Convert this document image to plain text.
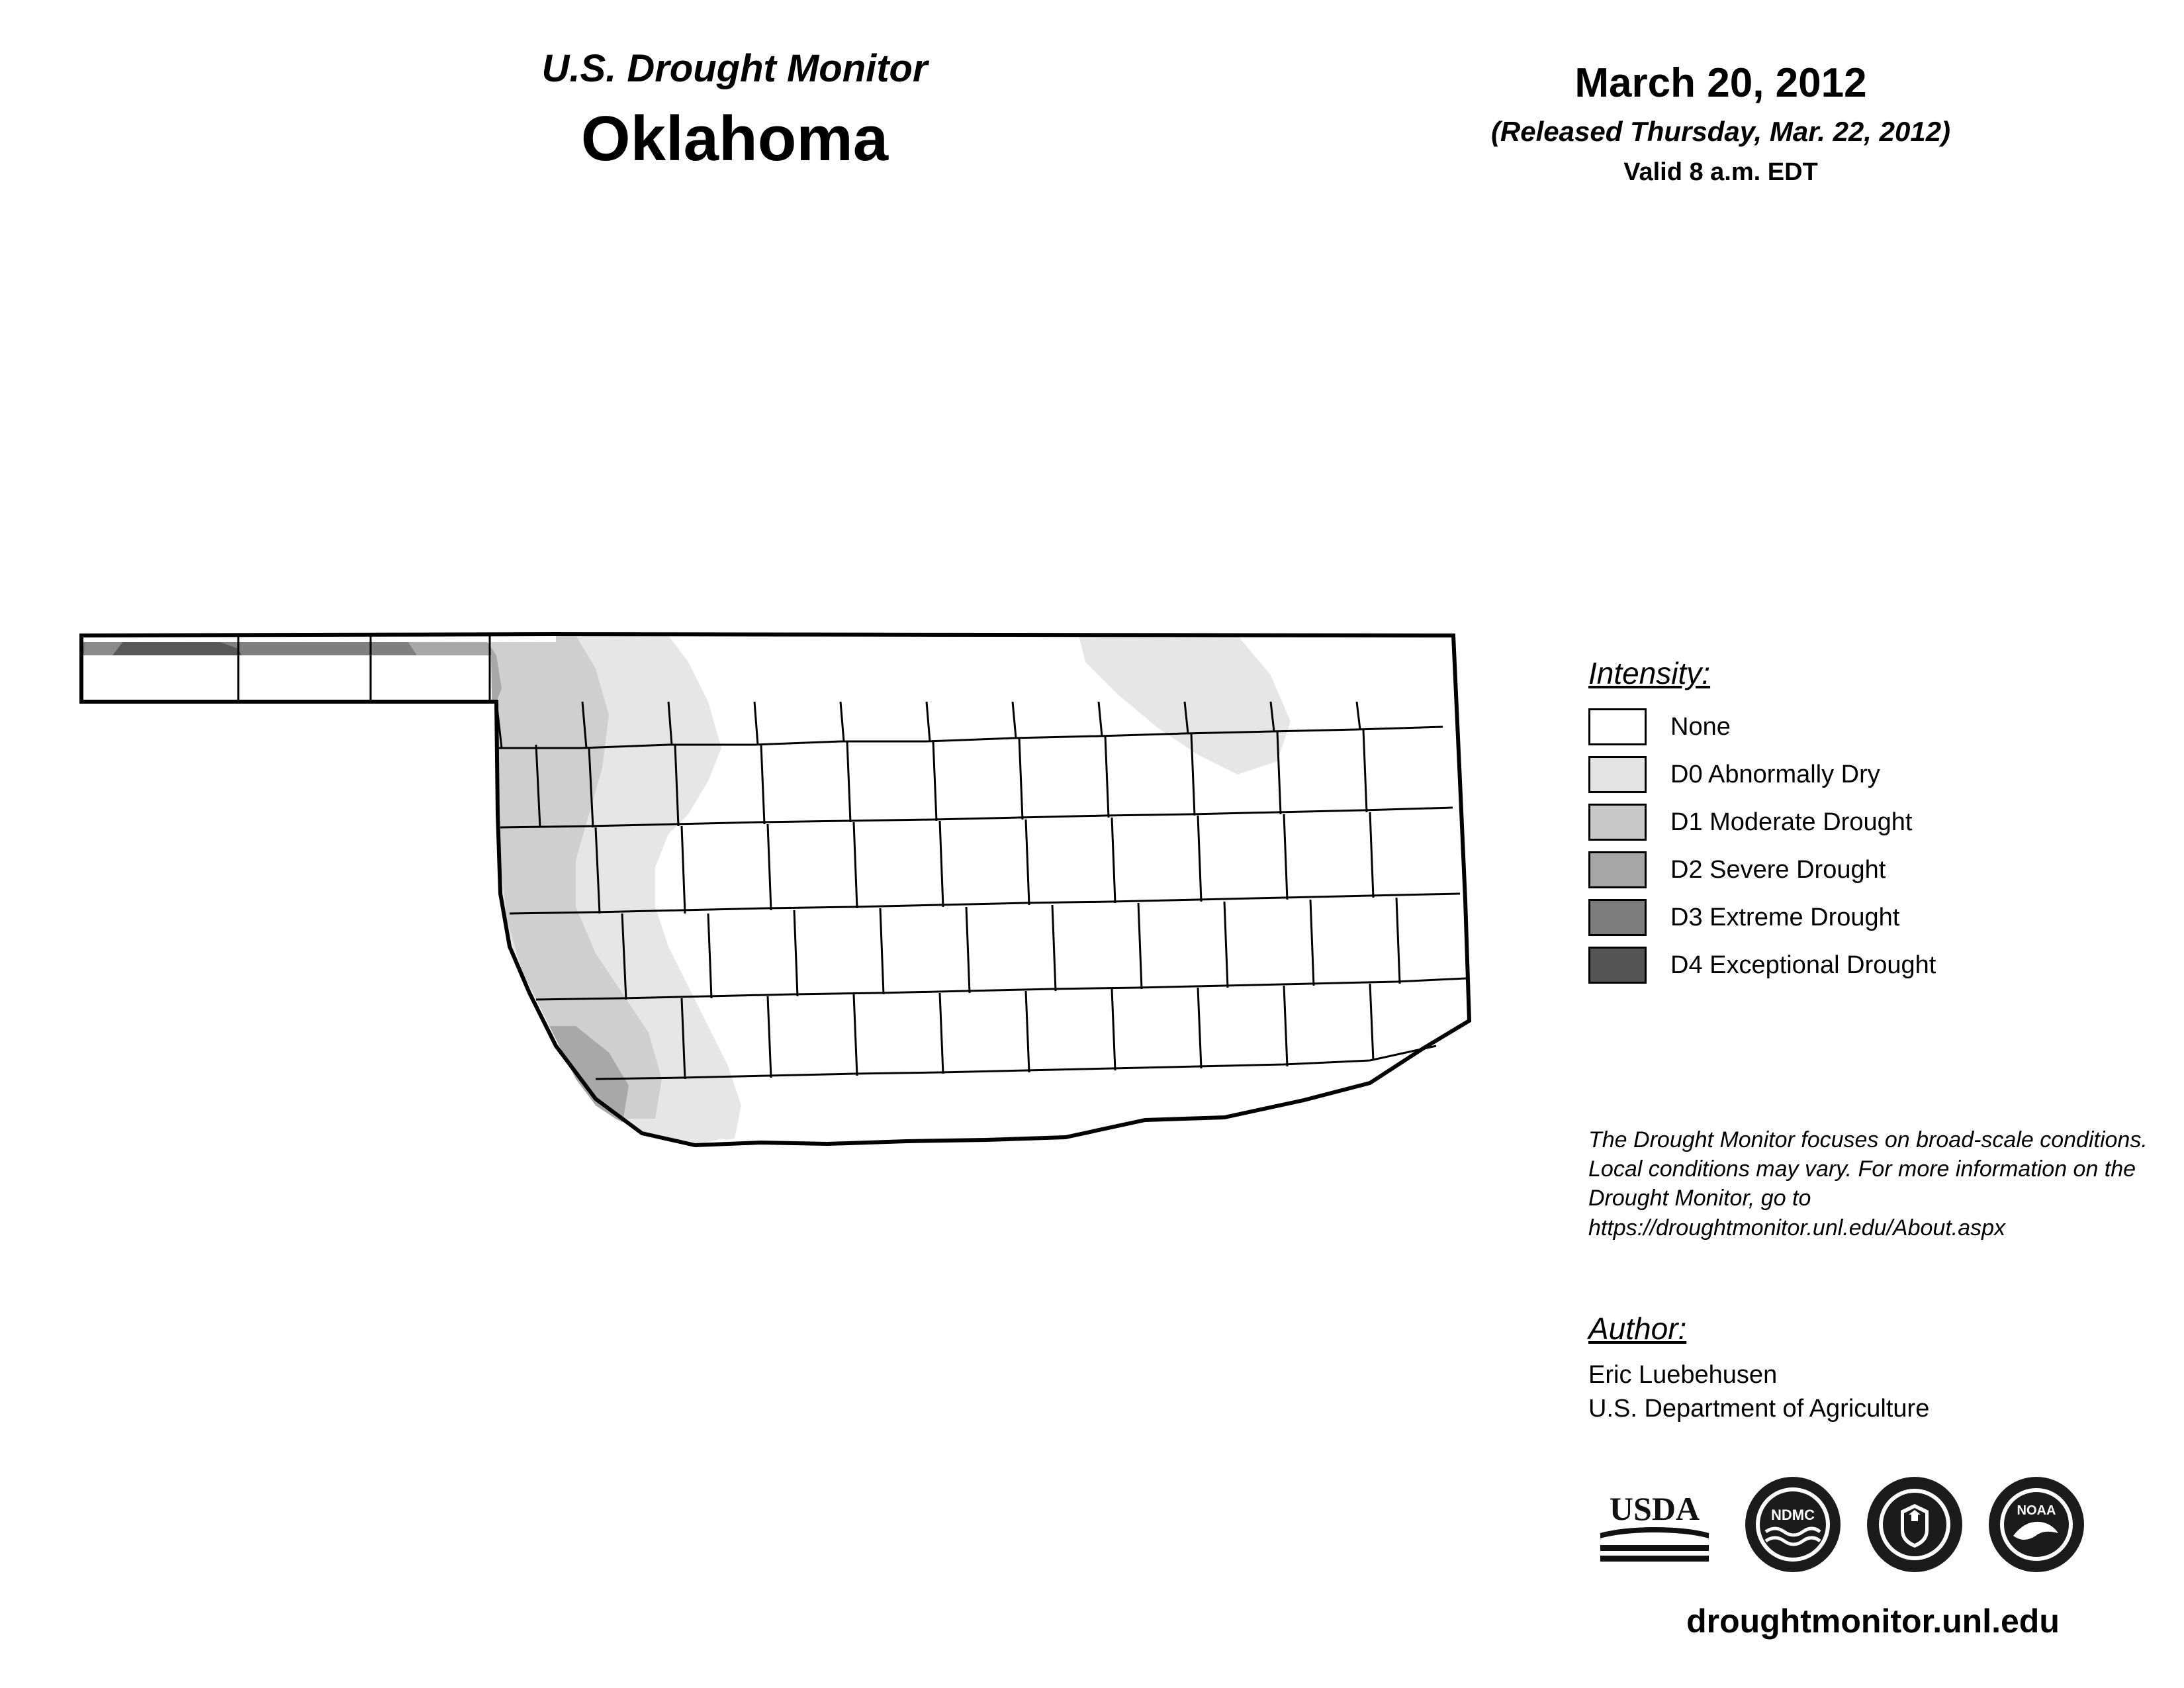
U.S. Drought Monitor
Oklahoma
March 20, 2012
(Released Thursday, Mar. 22, 2012)
Valid 8 a.m. EDT
Intensity:
None
D0 Abnormally Dry
D1 Moderate Drought
D2 Severe Drought
D3 Extreme Drought
D4 Exceptional Drought
The Drought Monitor focuses on broad-scale conditions. Local conditions may vary. For more information on the Drought Monitor, go to https://droughtmonitor.unl.edu/About.aspx
Author:
Eric Luebehusen
U.S. Department of Agriculture
USDA	NDMC	NOAA
droughtmonitor.unl.edu
